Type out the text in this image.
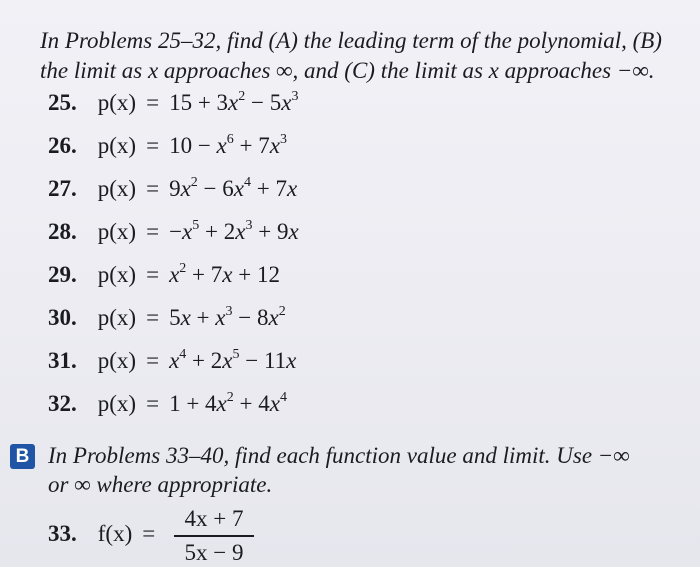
In Problems 25–32, find (A) the leading term of the polynomial, (B)
the limit as x approaches ∞, and (C) the limit as x approaches −∞.
25. $p(x) = 15 + 3x^2 - 5x^3$
26. $p(x) = 10 - x^6 + 7x^3$
27. $p(x) = 9x^2 - 6x^4 + 7x$
28. $p(x) = -x^5 + 2x^3 + 9x$
29. $p(x) = x^2 + 7x + 12$
30. $p(x) = 5x + x^3 - 8x^2$
31. $p(x) = x^4 + 2x^5 - 11x$
32. $p(x) = 1 + 4x^2 + 4x^4$
B In Problems 33–40, find each function value and limit. Use −∞
or ∞ where appropriate.
33. f(x) =
4x + 7
5x − 9
